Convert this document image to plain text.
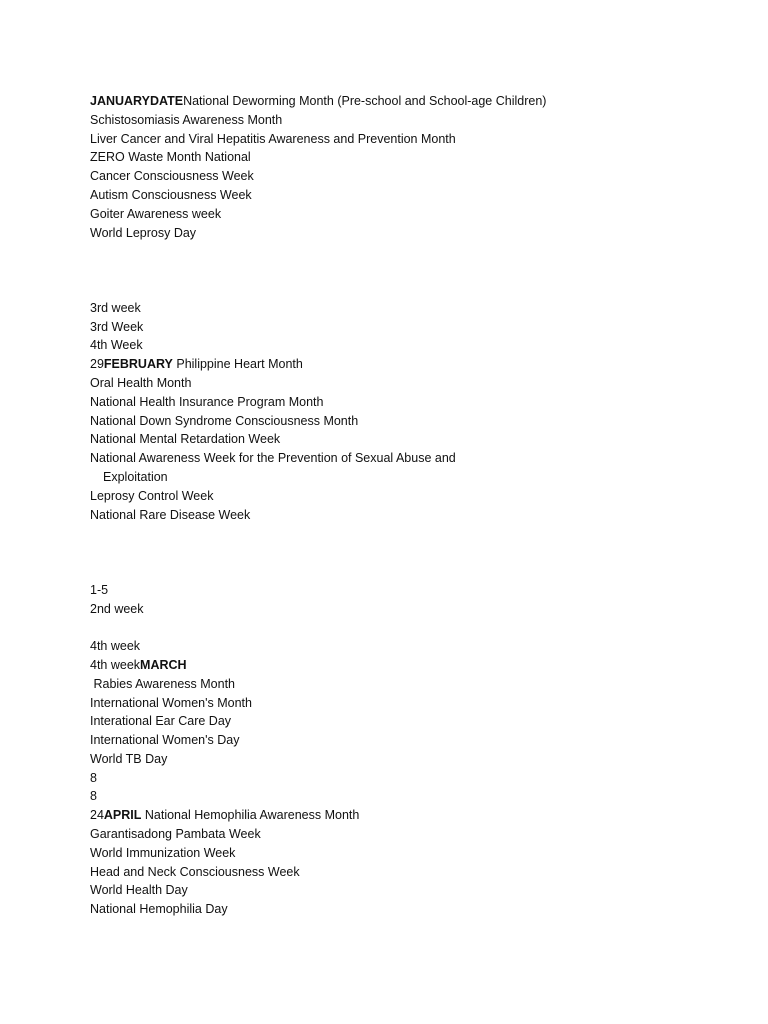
JANUARYDATENational Deworming Month (Pre-school and School-age Children)
Schistosomiasis Awareness Month
Liver Cancer and Viral Hepatitis Awareness and Prevention Month
ZERO Waste Month National
Cancer Consciousness Week
Autism Consciousness Week
Goiter Awareness week
World Leprosy Day
3rd week
3rd Week
4th Week
29FEBRUARY Philippine Heart Month
Oral Health Month
National Health Insurance Program Month
National Down Syndrome Consciousness Month
National Mental Retardation Week
National Awareness Week for the Prevention of Sexual Abuse and
Exploitation
Leprosy Control Week
National Rare Disease Week
1-5
2nd week
4th week
4th weekMARCH
Rabies Awareness Month
International Women's Month
Interational Ear Care Day
International Women's Day
World TB Day
8
8
24APRIL National Hemophilia Awareness Month
Garantisadong Pambata Week
World Immunization Week
Head and Neck Consciousness Week
World Health Day
National Hemophilia Day
